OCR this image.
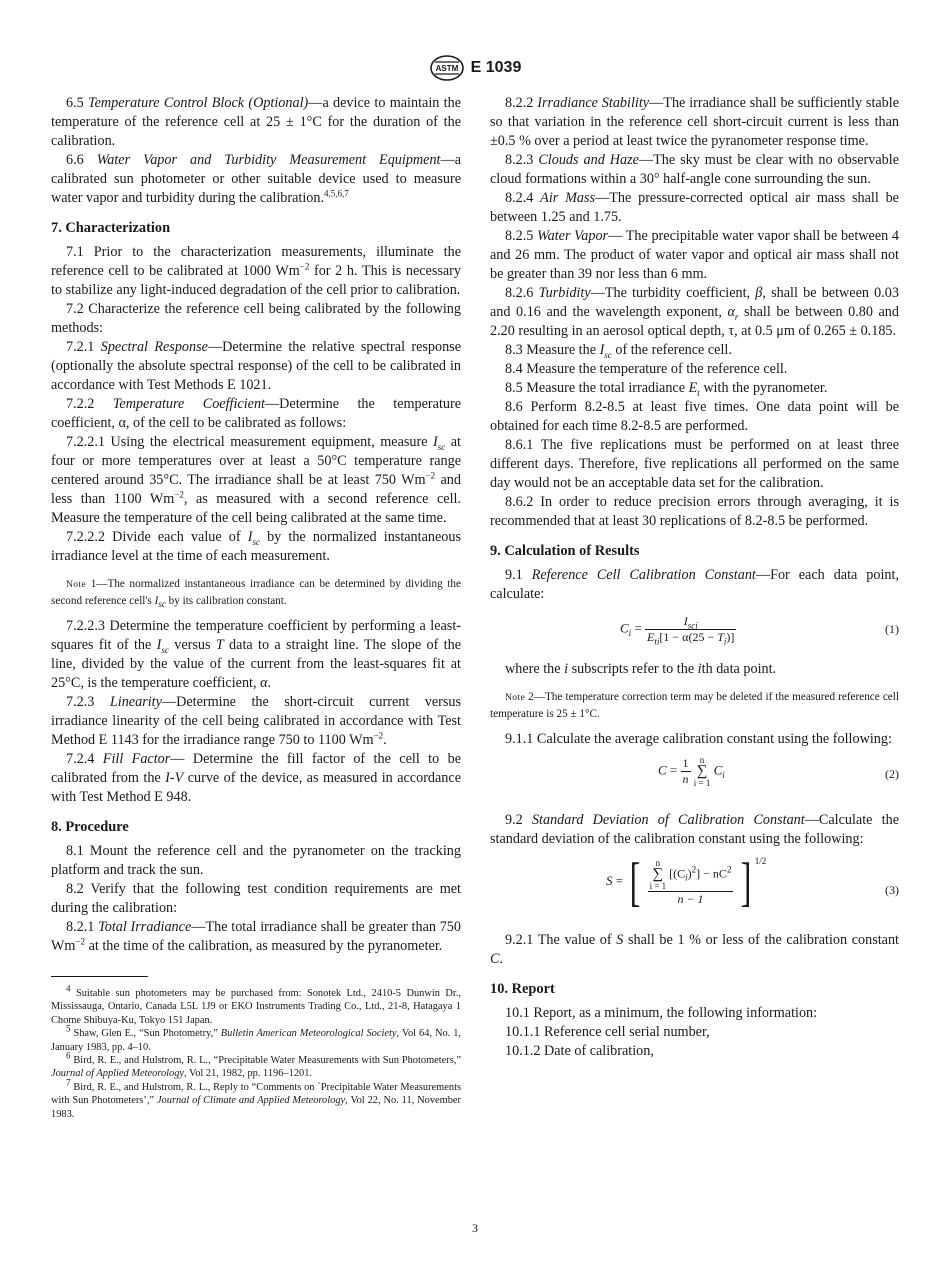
ASTM E 1039

6.5 Temperature Control Block (Optional)—a device to maintain the temperature of the reference cell at 25 ± 1°C for the duration of the calibration.

6.6 Water Vapor and Turbidity Measurement Equipment—a calibrated sun photometer or other suitable device used to measure water vapor and turbidity during the calibration.$^{4,5,6,7}$

7. Characterization

7.1 Prior to the characterization measurements, illuminate the reference cell to be calibrated at 1000 $Wm^{-2}$ for 2 h. This is necessary to stabilize any light-induced degradation of the cell prior to calibration.

7.2 Characterize the reference cell being calibrated by the following methods:

7.2.1 Spectral Response—Determine the relative spectral response (optionally the absolute spectral response) of the cell to be calibrated in accordance with Test Methods E 1021.

7.2.2 Temperature Coefficient—Determine the temperature coefficient, α, of the cell to be calibrated as follows:

7.2.2.1 Using the electrical measurement equipment, measure $I_{sc}$ at four or more temperatures over at least a 50°C temperature range centered around 35°C. The irradiance shall be at least 750 $Wm^{-2}$ and less than 1100 $Wm^{-2}$, as measured with a second reference cell. Measure the temperature of the cell being calibrated at the same time.

7.2.2.2 Divide each value of $I_{sc}$ by the normalized instantaneous irradiance level at the time of each measurement.

Note 1—The normalized instantaneous irradiance can be determined by dividing the second reference cell's $I_{sc}$ by its calibration constant.

7.2.2.3 Determine the temperature coefficient by performing a least-squares fit of the $I_{sc}$ versus T data to a straight line. The slope of the line, divided by the value of the current from the least-squares fit at 25°C, is the temperature coefficient, α.

7.2.3 Linearity—Determine the short-circuit current versus irradiance linearity of the cell being calibrated in accordance with Test Method E 1143 for the irradiance range 750 to 1100 $Wm^{-2}$.

7.2.4 Fill Factor— Determine the fill factor of the cell to be calibrated from the I-V curve of the device, as measured in accordance with Test Method E 948.

8. Procedure

8.1 Mount the reference cell and the pyranometer on the tracking platform and track the sun.

8.2 Verify that the following test condition requirements are met during the calibration:

8.2.1 Total Irradiance—The total irradiance shall be greater than 750 $Wm^{-2}$ at the time of the calibration, as measured by the pyranometer.

$^4$ Suitable sun photometers may be purchased from: Sonotek Ltd., 2410-5 Dunwin Dr., Mississauga, Ontario, Canada L5L 1J9 or EKO Instruments Trading Co., Ltd., 21-8, Hatagaya 1 Chome Shibuya-Ku, Tokyo 151 Japan.
$^5$ Shaw, Glen E., “Sun Photometry,” Bulletin American Meteorological Society, Vol 64, No. 1, January 1983, pp. 4–10.
$^6$ Bird, R. E., and Hulstrom, R. L., “Precipitable Water Measurements with Sun Photometers,” Journal of Applied Meteorology, Vol 21, 1982, pp. 1196–1201.
$^7$ Bird, R. E., and Hulstrom, R. L., Reply to “Comments on `Precipitable Water Measurements with Sun Photometers’,” Journal of Climate and Applied Meteorology, Vol 22, No. 11, November 1983.

8.2.2 Irradiance Stability—The irradiance shall be sufficiently stable so that variation in the reference cell short-circuit current is less than ±0.5 % over a period at least twice the pyranometer response time.

8.2.3 Clouds and Haze—The sky must be clear with no observable cloud formations within a 30° half-angle cone surrounding the sun.

8.2.4 Air Mass—The pressure-corrected optical air mass shall be between 1.25 and 1.75.

8.2.5 Water Vapor— The precipitable water vapor shall be between 4 and 26 mm. The product of water vapor and optical air mass shall not be greater than 39 nor less than 6 mm.

8.2.6 Turbidity—The turbidity coefficient, β, shall be between 0.03 and 0.16 and the wavelength exponent, $\alpha_r$ shall be between 0.80 and 2.20 resulting in an aerosol optical depth, τ, at 0.5 μm of 0.265 ± 0.185.

8.3 Measure the $I_{sc}$ of the reference cell.

8.4 Measure the temperature of the reference cell.

8.5 Measure the total irradiance $E_t$ with the pyranometer.

8.6 Perform 8.2-8.5 at least five times. One data point will be obtained for each time 8.2-8.5 are performed.

8.6.1 The five replications must be performed on at least three different days. Therefore, five replications all performed on the same day would not be an acceptable data set for the calibration.

8.6.2 In order to reduce precision errors through averaging, it is recommended that at least 30 replications of 8.2-8.5 be performed.

9. Calculation of Results

9.1 Reference Cell Calibration Constant—For each data point, calculate:

$C_i = \frac{I_{sci}}{E_{ti}[1 - \alpha(25 - T_i)]}$	(1)

where the i subscripts refer to the ith data point.

Note 2—The temperature correction term may be deleted if the measured reference cell temperature is 25 ± 1°C.

9.1.1 Calculate the average calibration constant using the following:

$C = \frac{1}{n}$
	n
∑
i = 1
$C_i$	(2)

9.2 Standard Deviation of Calibration Constant—Calculate the standard deviation of the calibration constant using the following:

S = [	n
∑
i = 1
$[(C_i)^2] - nC^2$
n − 1 ] $^{1/2}$
(3)

9.2.1 The value of S shall be 1 % or less of the calibration constant C.

10. Report

10.1 Report, as a minimum, the following information:

10.1.1 Reference cell serial number,

10.1.2 Date of calibration,

3
